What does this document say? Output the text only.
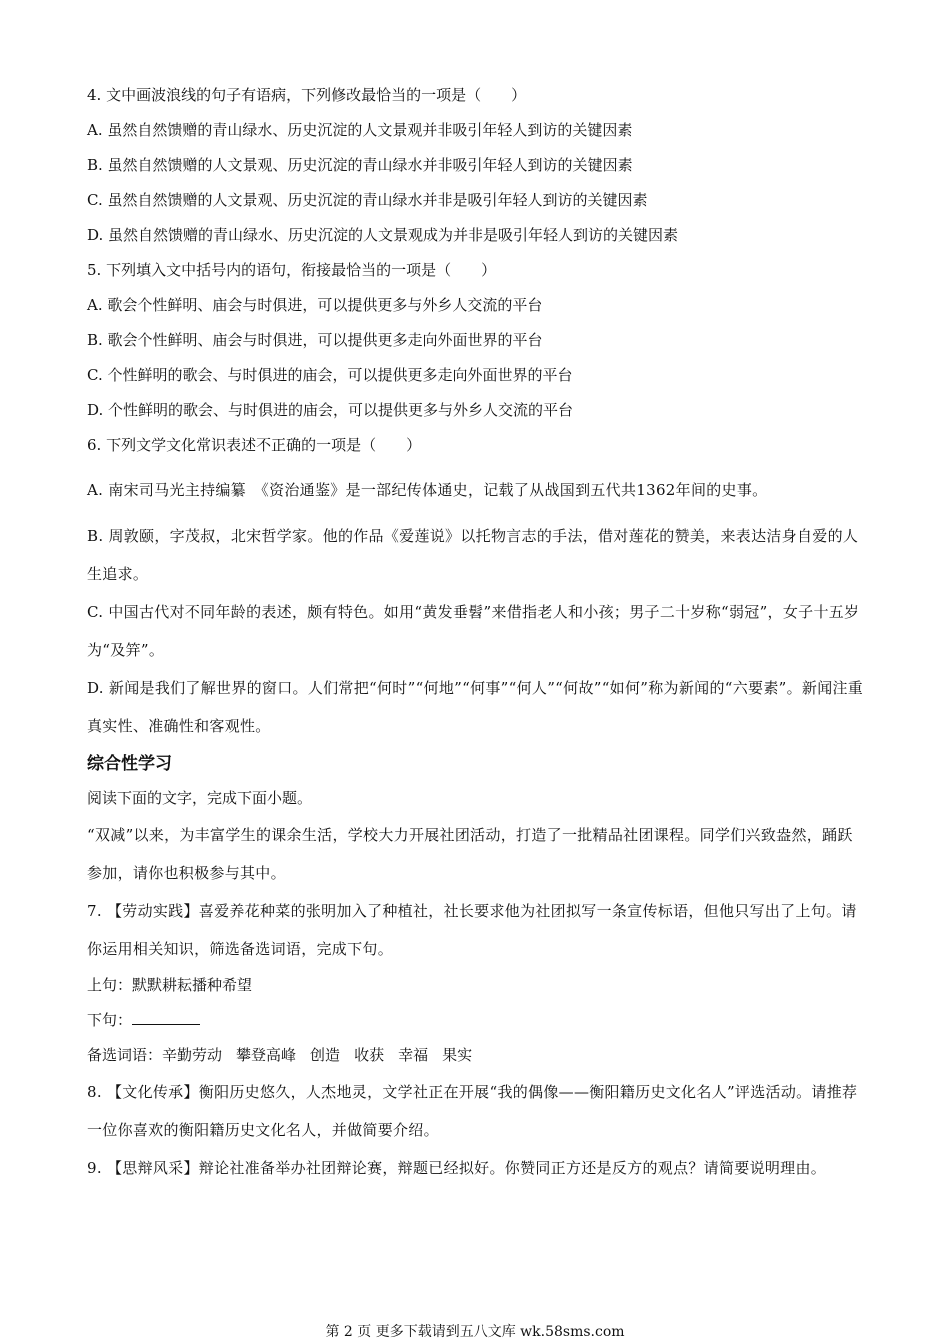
4. 文中画波浪线的句子有语病，下列修改最恰当的一项是（　　）
A. 虽然自然馈赠的青山绿水、历史沉淀的人文景观并非吸引年轻人到访的关键因素
B. 虽然自然馈赠的人文景观、历史沉淀的青山绿水并非吸引年轻人到访的关键因素
C. 虽然自然馈赠的人文景观、历史沉淀的青山绿水并非是吸引年轻人到访的关键因素
D. 虽然自然馈赠的青山绿水、历史沉淀的人文景观成为并非是吸引年轻人到访的关键因素
5. 下列填入文中括号内的语句，衔接最恰当的一项是（　　）
A. 歌会个性鲜明、庙会与时俱进，可以提供更多与外乡人交流的平台
B. 歌会个性鲜明、庙会与时俱进，可以提供更多走向外面世界的平台
C. 个性鲜明的歌会、与时俱进的庙会，可以提供更多走向外面世界的平台
D. 个性鲜明的歌会、与时俱进的庙会，可以提供更多与外乡人交流的平台
6. 下列文学文化常识表述不正确的一项是（　　）
A. 南宋司马光主持编纂　《资治通鉴》是一部纪传体通史，记载了从战国到五代共1362年间的史事。
B. 周敦颐，字茂叔，北宋哲学家。他的作品《爱莲说》以托物言志的手法，借对莲花的赞美，来表达洁身自爱的人生追求。
C. 中国古代对不同年龄的表述，颇有特色。如用“黄发垂髫”来借指老人和小孩；男子二十岁称“弱冠”，女子十五岁为“及笄”。
D. 新闻是我们了解世界的窗口。人们常把“何时”“何地”“何事”“何人”“何故”“如何”称为新闻的“六要素”。新闻注重真实性、准确性和客观性。
综合性学习
阅读下面的文字，完成下面小题。
“双减”以来，为丰富学生的课余生活，学校大力开展社团活动，打造了一批精品社团课程。同学们兴致盎然，踊跃参加，请你也积极参与其中。
7. 【劳动实践】喜爱养花种菜的张明加入了种植社，社长要求他为社团拟写一条宣传标语，但他只写出了上句。请你运用相关知识，筛选备选词语，完成下句。
上句：默默耕耘播种希望
下句：
备选词语：辛勤劳动 攀登高峰 创造 收获 幸福 果实
8. 【文化传承】衡阳历史悠久，人杰地灵，文学社正在开展“我的偶像——衡阳籍历史文化名人”评选活动。请推荐一位你喜欢的衡阳籍历史文化名人，并做简要介绍。
9. 【思辩风采】辩论社准备举办社团辩论赛，辩题已经拟好。你赞同正方还是反方的观点？请简要说明理由。
第 2 页 更多下载请到五八文库 wk.58sms.com
